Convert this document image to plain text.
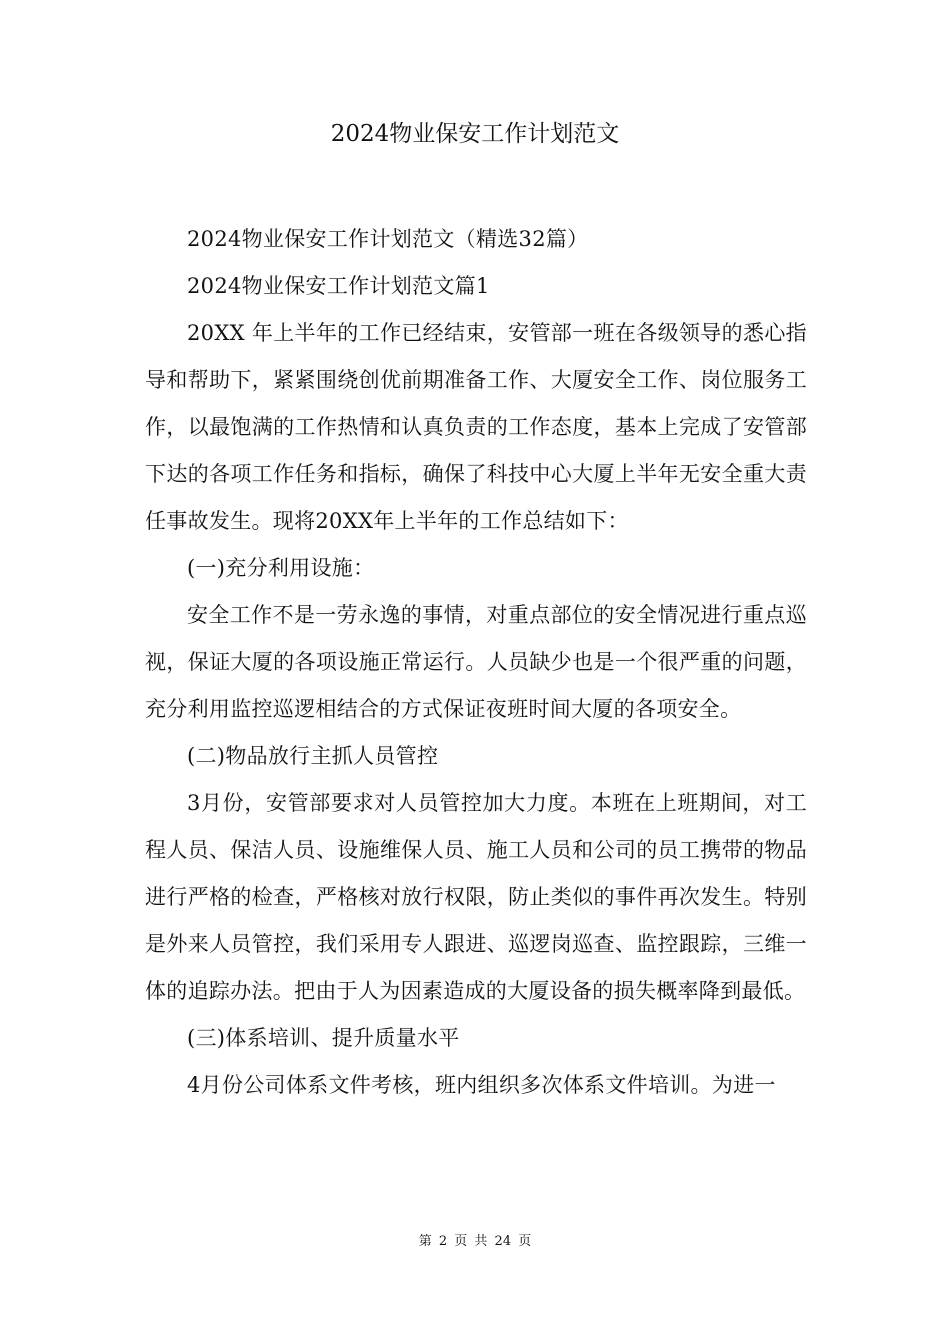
2024物业保安工作计划范文

2024物业保安工作计划范文（精选32篇）

2024物业保安工作计划范文篇1

20XX 年上半年的工作已经结束，安管部一班在各级领导的悉心指导和帮助下，紧紧围绕创优前期准备工作、大厦安全工作、岗位服务工作，以最饱满的工作热情和认真负责的工作态度，基本上完成了安管部下达的各项工作任务和指标，确保了科技中心大厦上半年无安全重大责任事故发生。现将20XX年上半年的工作总结如下：

(一)充分利用设施：

安全工作不是一劳永逸的事情，对重点部位的安全情况进行重点巡视，保证大厦的各项设施正常运行。人员缺少也是一个很严重的问题，充分利用监控巡逻相结合的方式保证夜班时间大厦的各项安全。

(二)物品放行主抓人员管控

3月份，安管部要求对人员管控加大力度。本班在上班期间，对工程人员、保洁人员、设施维保人员、施工人员和公司的员工携带的物品进行严格的检查，严格核对放行权限，防止类似的事件再次发生。特别是外来人员管控，我们采用专人跟进、巡逻岗巡查、监控跟踪，三维一体的追踪办法。把由于人为因素造成的大厦设备的损失概率降到最低。

(三)体系培训、提升质量水平

4月份公司体系文件考核，班内组织多次体系文件培训。为进一

第 2 页 共 24 页
